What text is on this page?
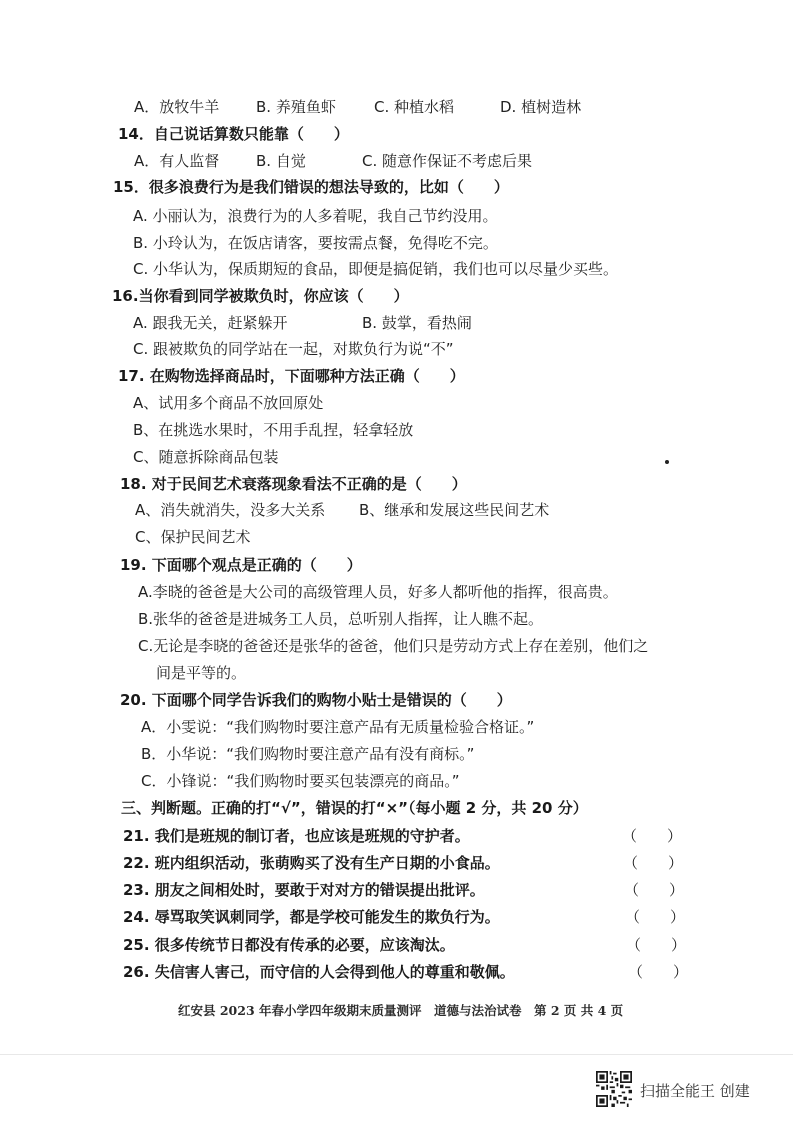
A．放牧牛羊 B. 养殖鱼虾	C. 种植水稻	D. 植树造林
14．自己说话算数只能靠（　　）
A．有人监督 B. 自觉	C. 随意作保证不考虑后果
15．很多浪费行为是我们错误的想法导致的，比如（　　）
A. 小丽认为，浪费行为的人多着呢，我自己节约没用。
B. 小玲认为，在饭店请客，要按需点餐，免得吃不完。
C. 小华认为，保质期短的食品，即便是搞促销，我们也可以尽量少买些。
16.当你看到同学被欺负时，你应该（　　）
A. 跟我无关，赶紧躲开	B. 鼓掌，看热闹
C. 跟被欺负的同学站在一起，对欺负行为说“不”
17. 在购物选择商品时，下面哪种方法正确（　　）
A、试用多个商品不放回原处
B、在挑选水果时，不用手乱捏，轻拿轻放
C、随意拆除商品包装
18. 对于民间艺术衰落现象看法不正确的是（　　）
A、消失就消失，没多大关系 B、继承和发展这些民间艺术
C、保护民间艺术
19. 下面哪个观点是正确的（　　）
A.李晓的爸爸是大公司的高级管理人员，好多人都听他的指挥，很高贵。
B.张华的爸爸是进城务工人员，总听别人指挥，让人瞧不起。
C.无论是李晓的爸爸还是张华的爸爸，他们只是劳动方式上存在差别，他们之
间是平等的。
20. 下面哪个同学告诉我们的购物小贴士是错误的（　　）
A．小雯说：“我们购物时要注意产品有无质量检验合格证。”
B．小华说：“我们购物时要注意产品有没有商标。”
C．小锋说：“我们购物时要买包装漂亮的商品。”
三、判断题。正确的打“√”，错误的打“×”（每小题 2 分，共 20 分）
21. 我们是班规的制订者，也应该是班规的守护者。	（　　）
22. 班内组织活动，张萌购买了没有生产日期的小食品。	（　　）
23. 朋友之间相处时，要敢于对对方的错误提出批评。	（　　）
24. 辱骂取笑讽刺同学，都是学校可能发生的欺负行为。	（　　）
25. 很多传统节日都没有传承的必要，应该淘汰。	（　　）
26. 失信害人害己，而守信的人会得到他人的尊重和敬佩。	（　　）
红安县 2023 年春小学四年级期末质量测评　道德与法治试卷　第 2 页 共 4 页
扫描全能王 创建
